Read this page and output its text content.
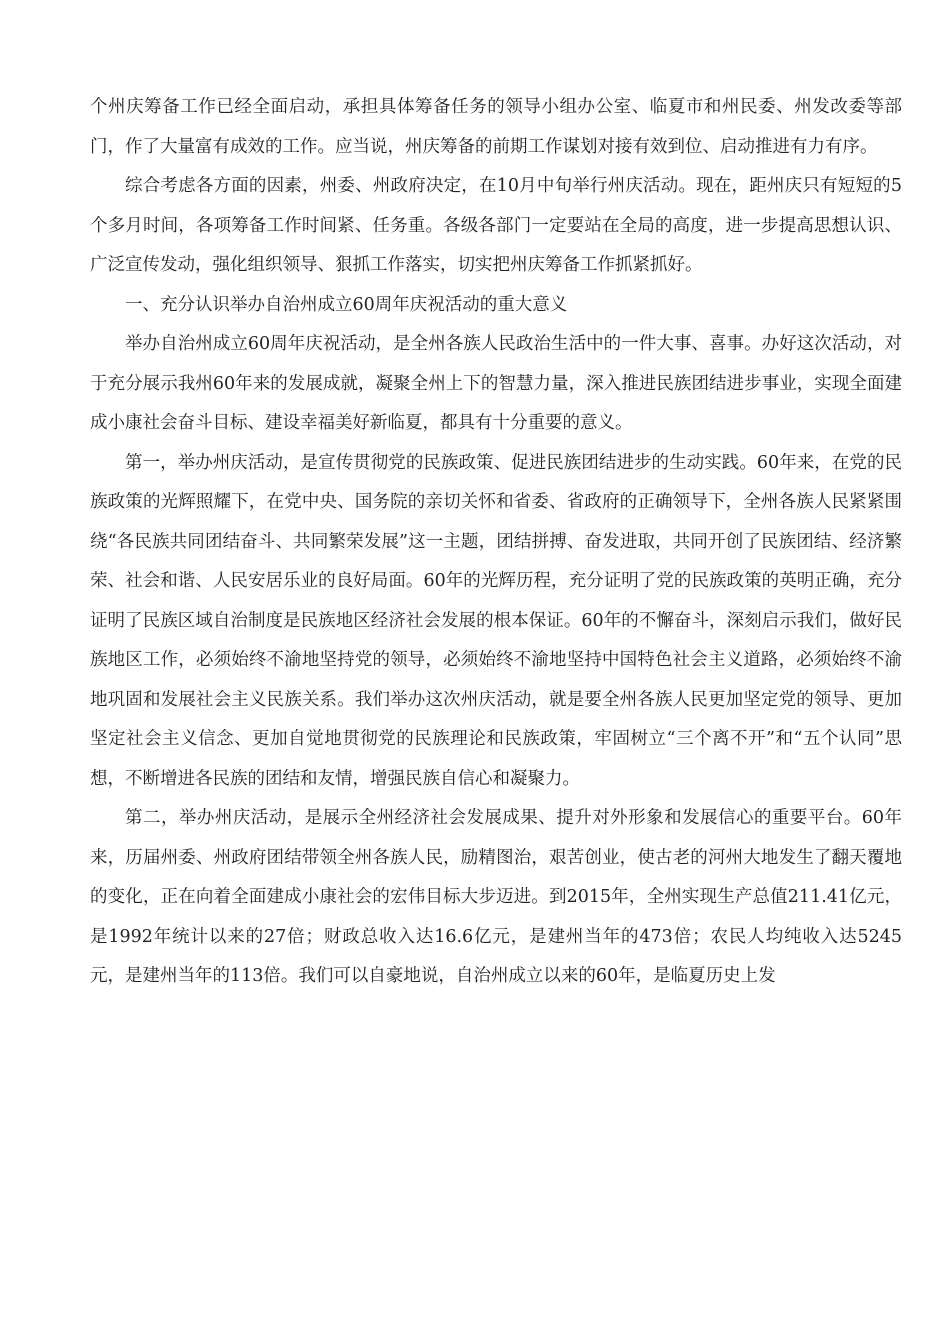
个州庆筹备工作已经全面启动，承担具体筹备任务的领导小组办公室、临夏市和州民委、州发改委等部门，作了大量富有成效的工作。应当说，州庆筹备的前期工作谋划对接有效到位、启动推进有力有序。

综合考虑各方面的因素，州委、州政府决定，在10月中旬举行州庆活动。现在，距州庆只有短短的5个多月时间，各项筹备工作时间紧、任务重。各级各部门一定要站在全局的高度，进一步提高思想认识、广泛宣传发动，强化组织领导、狠抓工作落实，切实把州庆筹备工作抓紧抓好。

一、充分认识举办自治州成立60周年庆祝活动的重大意义

举办自治州成立60周年庆祝活动，是全州各族人民政治生活中的一件大事、喜事。办好这次活动，对于充分展示我州60年来的发展成就，凝聚全州上下的智慧力量，深入推进民族团结进步事业，实现全面建成小康社会奋斗目标、建设幸福美好新临夏，都具有十分重要的意义。

第一，举办州庆活动，是宣传贯彻党的民族政策、促进民族团结进步的生动实践。60年来，在党的民族政策的光辉照耀下，在党中央、国务院的亲切关怀和省委、省政府的正确领导下，全州各族人民紧紧围绕“各民族共同团结奋斗、共同繁荣发展”这一主题，团结拼搏、奋发进取，共同开创了民族团结、经济繁荣、社会和谐、人民安居乐业的良好局面。60年的光辉历程，充分证明了党的民族政策的英明正确，充分证明了民族区域自治制度是民族地区经济社会发展的根本保证。60年的不懈奋斗，深刻启示我们，做好民族地区工作，必须始终不渝地坚持党的领导，必须始终不渝地坚持中国特色社会主义道路，必须始终不渝地巩固和发展社会主义民族关系。我们举办这次州庆活动，就是要全州各族人民更加坚定党的领导、更加坚定社会主义信念、更加自觉地贯彻党的民族理论和民族政策，牢固树立“三个离不开”和“五个认同”思想，不断增进各民族的团结和友情，增强民族自信心和凝聚力。

第二，举办州庆活动，是展示全州经济社会发展成果、提升对外形象和发展信心的重要平台。60年来，历届州委、州政府团结带领全州各族人民，励精图治，艰苦创业，使古老的河州大地发生了翻天覆地的变化，正在向着全面建成小康社会的宏伟目标大步迈进。到2015年，全州实现生产总值211.41亿元，是1992年统计以来的27倍；财政总收入达16.6亿元，是建州当年的473倍；农民人均纯收入达5245元，是建州当年的113倍。我们可以自豪地说，自治州成立以来的60年，是临夏历史上发
